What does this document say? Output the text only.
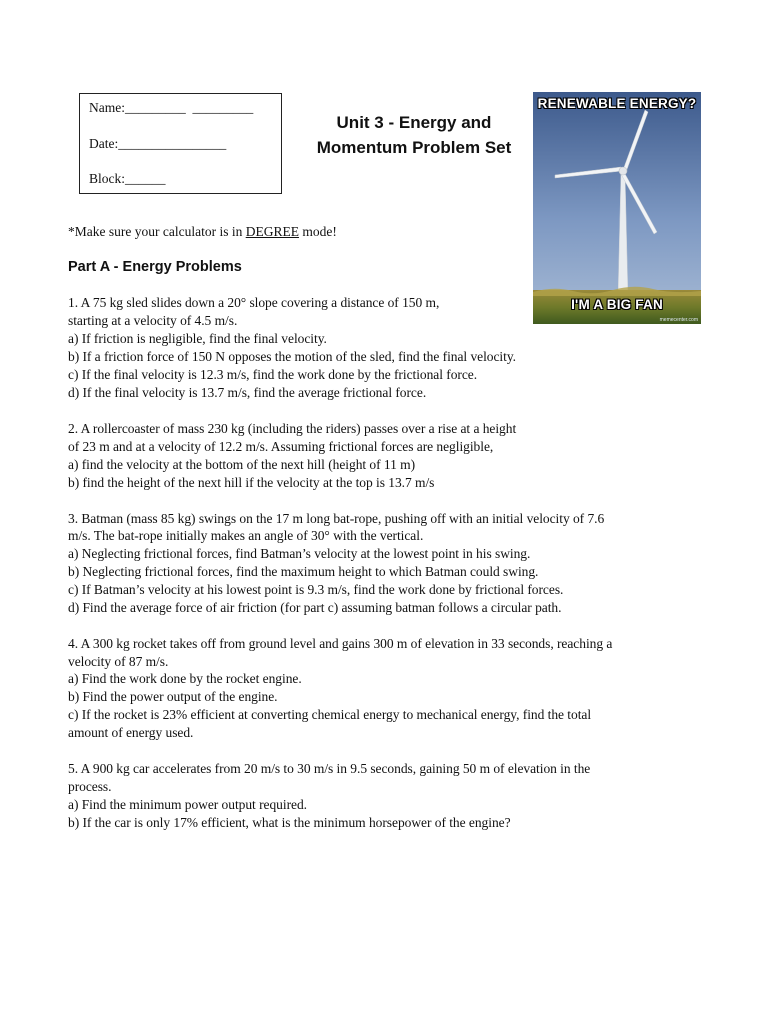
Name:_________  _________
Date:________________
Block:______
Unit 3 - Energy and
Momentum Problem Set
RENEWABLE ENERGY?
I'M A BIG FAN
memecenter.com
*Make sure your calculator is in DEGREE mode!
Part A - Energy Problems
1. A 75 kg sled slides down a 20° slope covering a distance of 150 m,
starting at a velocity of 4.5 m/s.
a) If friction is negligible, find the final velocity.
b) If a friction force of 150 N opposes the motion of the sled, find the final velocity.
c) If the final velocity is 12.3 m/s, find the work done by the frictional force.
d) If the final velocity is 13.7 m/s, find the average frictional force.
2. A rollercoaster of mass 230 kg (including the riders) passes over a rise at a height
of 23 m and at a velocity of 12.2 m/s. Assuming frictional forces are negligible,
a) find the velocity at the bottom of the next hill (height of 11 m)
b) find the height of the next hill if the velocity at the top is 13.7 m/s
3. Batman (mass 85 kg) swings on the 17 m long bat-rope, pushing off with an initial velocity of 7.6
m/s. The bat-rope initially makes an angle of 30° with the vertical.
a) Neglecting frictional forces, find Batman’s velocity at the lowest point in his swing.
b) Neglecting frictional forces, find the maximum height to which Batman could swing.
c) If Batman’s velocity at his lowest point is 9.3 m/s, find the work done by frictional forces.
d) Find the average force of air friction (for part c) assuming batman follows a circular path.
4. A 300 kg rocket takes off from ground level and gains 300 m of elevation in 33 seconds, reaching a
velocity of 87 m/s.
a) Find the work done by the rocket engine.
b) Find the power output of the engine.
c) If the rocket is 23% efficient at converting chemical energy to mechanical energy, find the total
amount of energy used.
5. A 900 kg car accelerates from 20 m/s to 30 m/s in 9.5 seconds, gaining 50 m of elevation in the
process.
a) Find the minimum power output required.
b) If the car is only 17% efficient, what is the minimum horsepower of the engine?
